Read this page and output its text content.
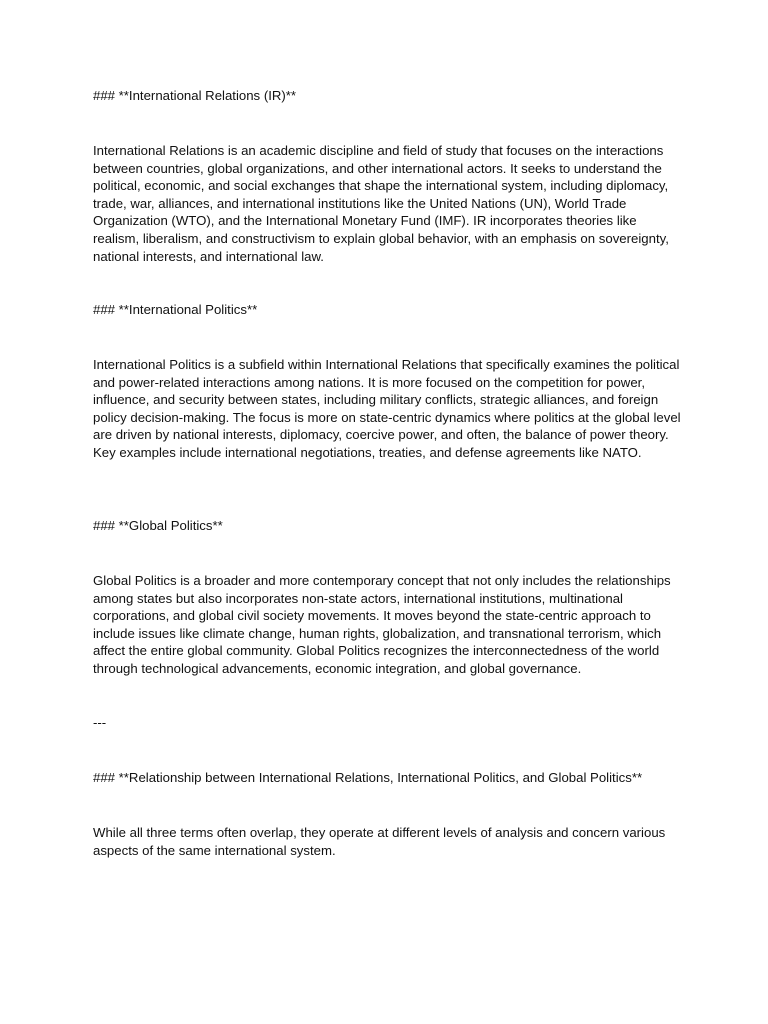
### **International Relations (IR)**

International Relations is an academic discipline and field of study that focuses on the interactions between countries, global organizations, and other international actors. It seeks to understand the political, economic, and social exchanges that shape the international system, including diplomacy, trade, war, alliances, and international institutions like the United Nations (UN), World Trade Organization (WTO), and the International Monetary Fund (IMF). IR incorporates theories like realism, liberalism, and constructivism to explain global behavior, with an emphasis on sovereignty, national interests, and international law.

### **International Politics**

International Politics is a subfield within International Relations that specifically examines the political and power-related interactions among nations. It is more focused on the competition for power, influence, and security between states, including military conflicts, strategic alliances, and foreign policy decision-making. The focus is more on state-centric dynamics where politics at the global level are driven by national interests, diplomacy, coercive power, and often, the balance of power theory. Key examples include international negotiations, treaties, and defense agreements like NATO.

### **Global Politics**

Global Politics is a broader and more contemporary concept that not only includes the relationships among states but also incorporates non-state actors, international institutions, multinational corporations, and global civil society movements. It moves beyond the state-centric approach to include issues like climate change, human rights, globalization, and transnational terrorism, which affect the entire global community. Global Politics recognizes the interconnectedness of the world through technological advancements, economic integration, and global governance.

---

### **Relationship between International Relations, International Politics, and Global Politics**

While all three terms often overlap, they operate at different levels of analysis and concern various aspects of the same international system.
